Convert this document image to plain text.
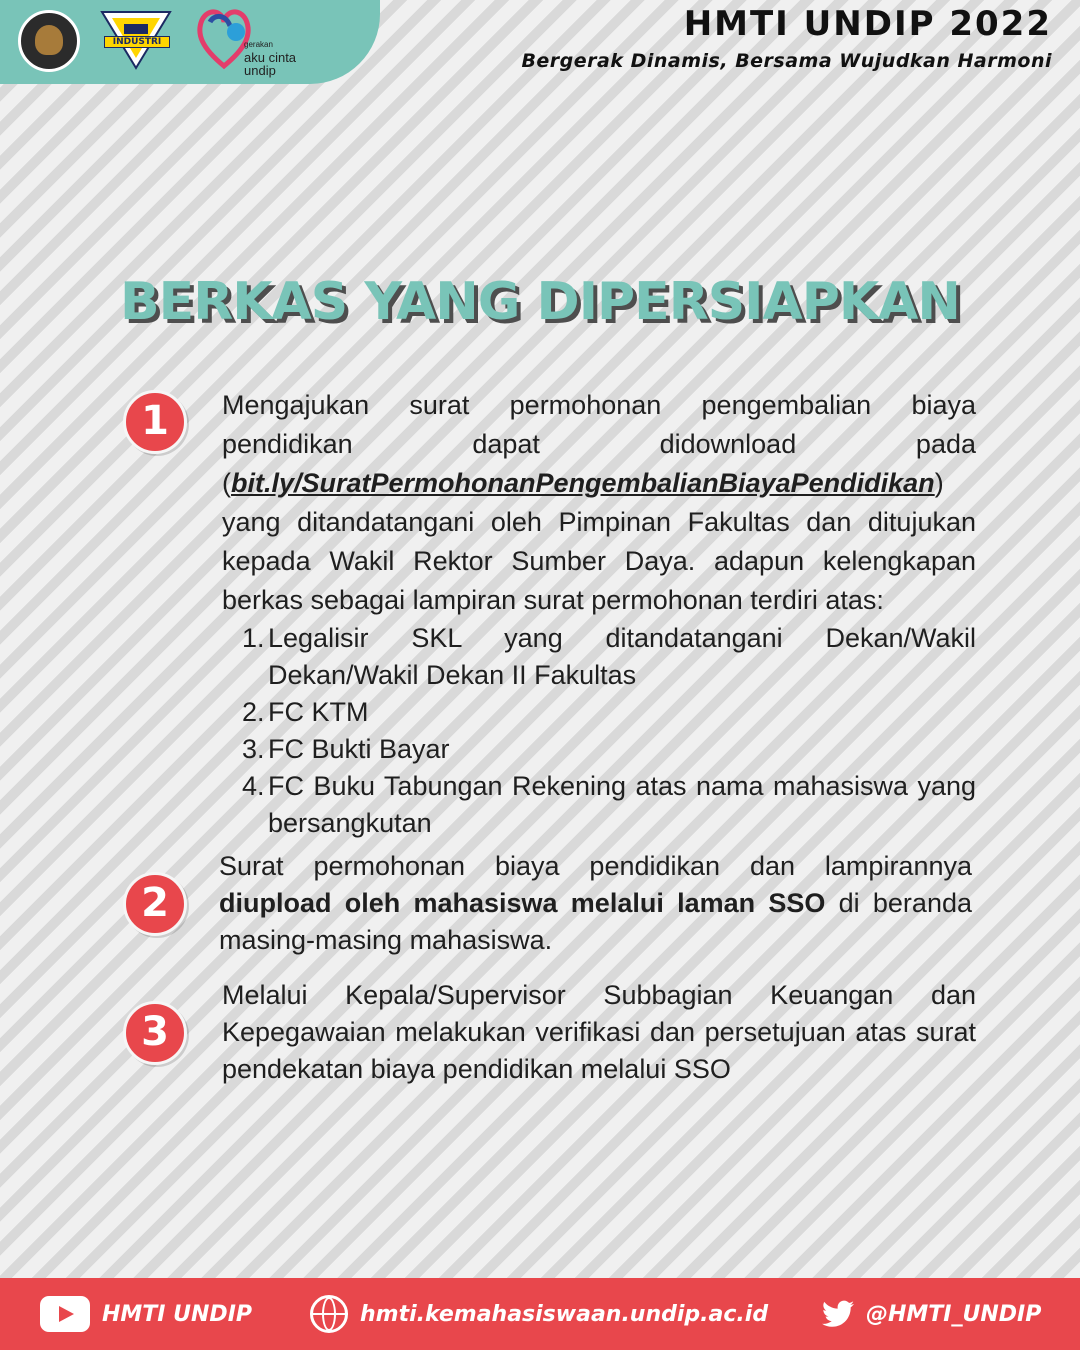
INDUSTRI	gerakan
aku cinta
undip
HMTI UNDIP 2022
Bergerak Dinamis, Bersama Wujudkan Harmoni
BERKAS YANG DIPERSIAPKAN
1	Mengajukan surat permohonan pengembalian biaya pendidikan dapat didownload pada (bit.ly/SuratPermohonanPengembalianBiayaPendidikan) yang ditandatangani oleh Pimpinan Fakultas dan ditujukan kepada Wakil Rektor Sumber Daya. adapun kelengkapan berkas sebagai lampiran surat permohonan terdiri atas:

1. Legalisir SKL yang ditandatangani Dekan/Wakil Dekan/Wakil Dekan II Fakultas
2. FC KTM
3. FC Bukti Bayar
4. FC Buku Tabungan Rekening atas nama mahasiswa yang bersangkutan
2

Surat permohonan biaya pendidikan dan lampirannya diupload oleh mahasiswa melalui laman SSO di beranda masing-masing mahasiswa.

3

Melalui Kepala/Supervisor Subbagian Keuangan dan Kepegawaian melakukan verifikasi dan persetujuan atas surat pendekatan biaya pendidikan melalui SSO

HMTI UNDIP	hmti.kemahasiswaan.undip.ac.id	@HMTI_UNDIP
